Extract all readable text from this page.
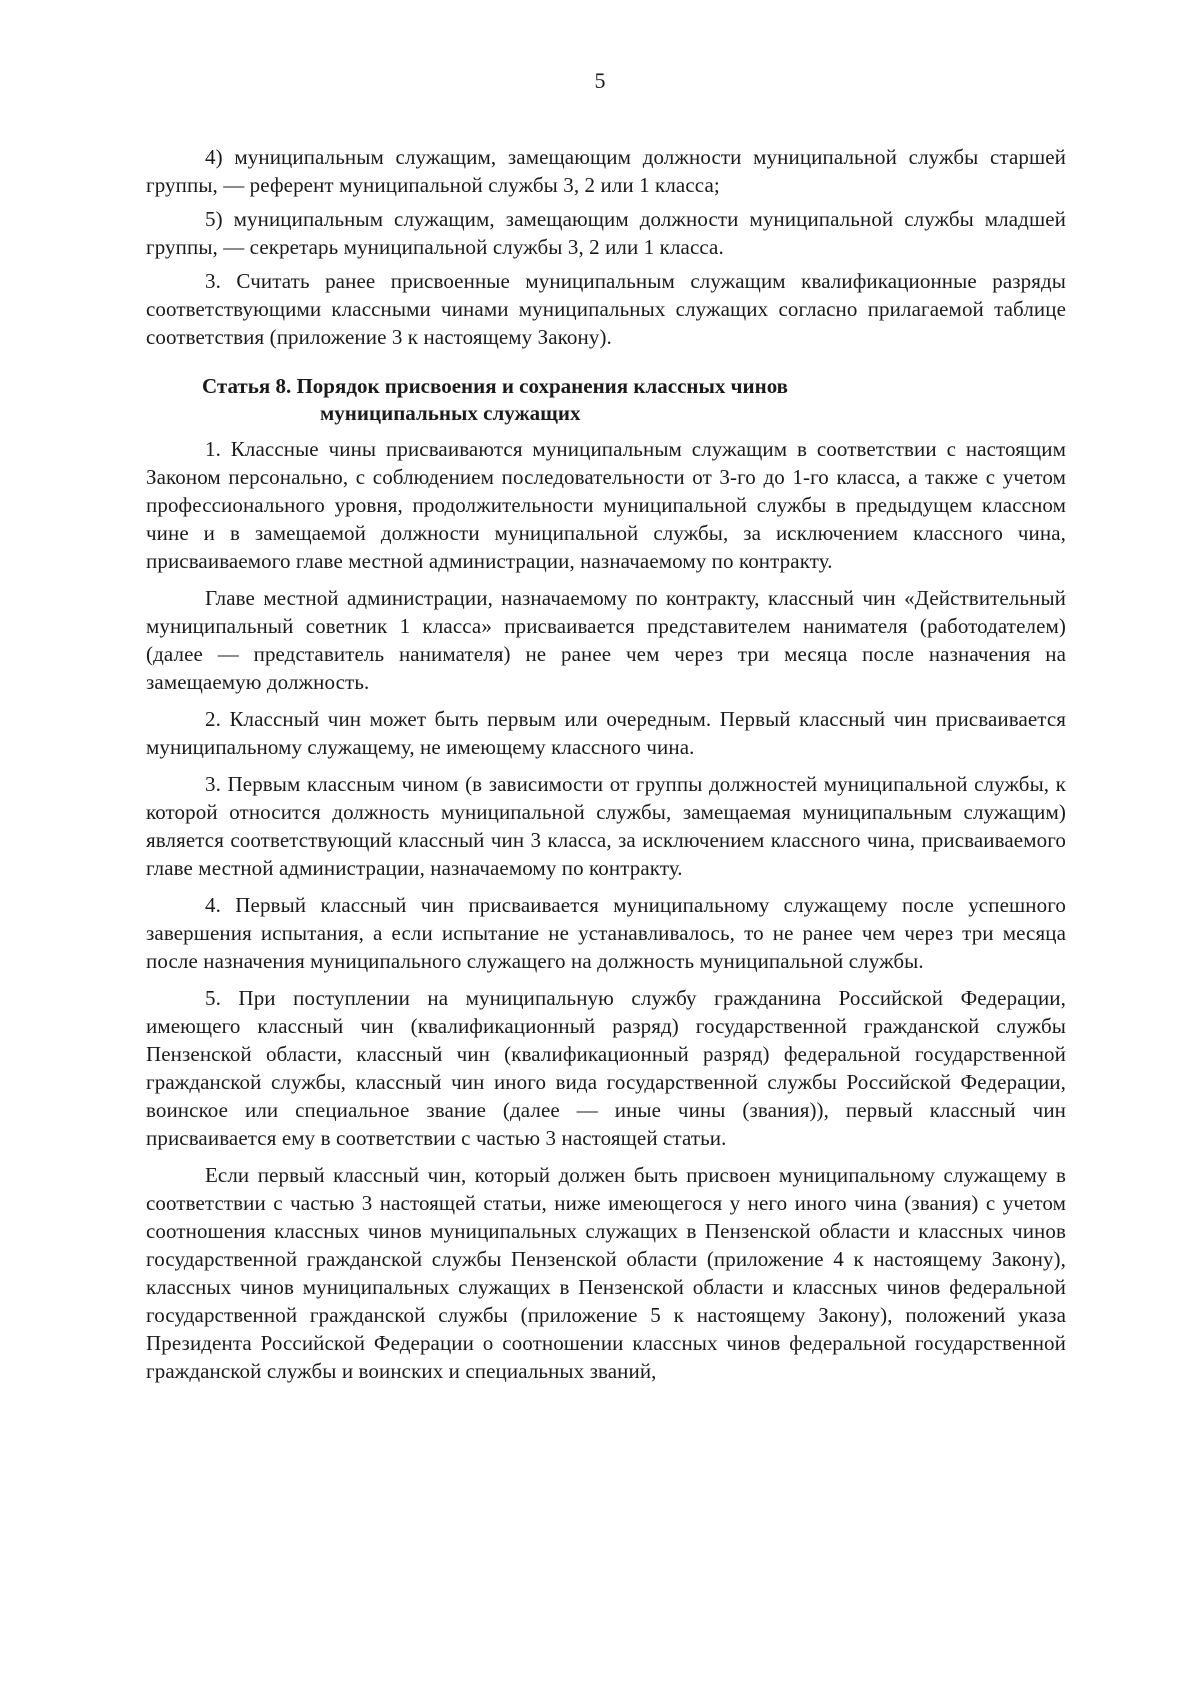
5

4) муниципальным служащим, замещающим должности муниципальной службы старшей группы, — референт муниципальной службы 3, 2 или 1 класса;

5) муниципальным служащим, замещающим должности муниципальной службы младшей группы, — секретарь муниципальной службы 3, 2 или 1 класса.

3. Считать ранее присвоенные муниципальным служащим квалификационные разряды соответствующими классными чинами муниципальных служащих согласно прилагаемой таблице соответствия (приложение 3 к настоящему Закону).

Статья 8. Порядок присвоения и сохранения классных чинов
муниципальных служащих

1. Классные чины присваиваются муниципальным служащим в соответствии с настоящим Законом персонально, с соблюдением последовательности от 3-го до 1-го класса, а также с учетом профессионального уровня, продолжительности муниципальной службы в предыдущем классном чине и в замещаемой должности муниципальной службы, за исключением классного чина, присваиваемого главе местной администрации, назначаемому по контракту.

Главе местной администрации, назначаемому по контракту, классный чин «Действительный муниципальный советник 1 класса» присваивается представителем нанимателя (работодателем) (далее — представитель нанимателя) не ранее чем через три месяца после назначения на замещаемую должность.

2. Классный чин может быть первым или очередным. Первый классный чин присваивается муниципальному служащему, не имеющему классного чина.

3. Первым классным чином (в зависимости от группы должностей муниципальной службы, к которой относится должность муниципальной службы, замещаемая муниципальным служащим) является соответствующий классный чин 3 класса, за исключением классного чина, присваиваемого главе местной администрации, назначаемому по контракту.

4. Первый классный чин присваивается муниципальному служащему после успешного завершения испытания, а если испытание не устанавливалось, то не ранее чем через три месяца после назначения муниципального служащего на должность муниципальной службы.

5. При поступлении на муниципальную службу гражданина Российской Федерации, имеющего классный чин (квалификационный разряд) государственной гражданской службы Пензенской области, классный чин (квалификационный разряд) федеральной государственной гражданской службы, классный чин иного вида государственной службы Российской Федерации, воинское или специальное звание (далее — иные чины (звания)), первый классный чин присваивается ему в соответствии с частью 3 настоящей статьи.

Если первый классный чин, который должен быть присвоен муниципальному служащему в соответствии с частью 3 настоящей статьи, ниже имеющегося у него иного чина (звания) с учетом соотношения классных чинов муниципальных служащих в Пензенской области и классных чинов государственной гражданской службы Пензенской области (приложение 4 к настоящему Закону), классных чинов муниципальных служащих в Пензенской области и классных чинов федеральной государственной гражданской службы (приложение 5 к настоящему Закону), положений указа Президента Российской Федерации о соотношении классных чинов федеральной государственной гражданской службы и воинских и специальных званий,
